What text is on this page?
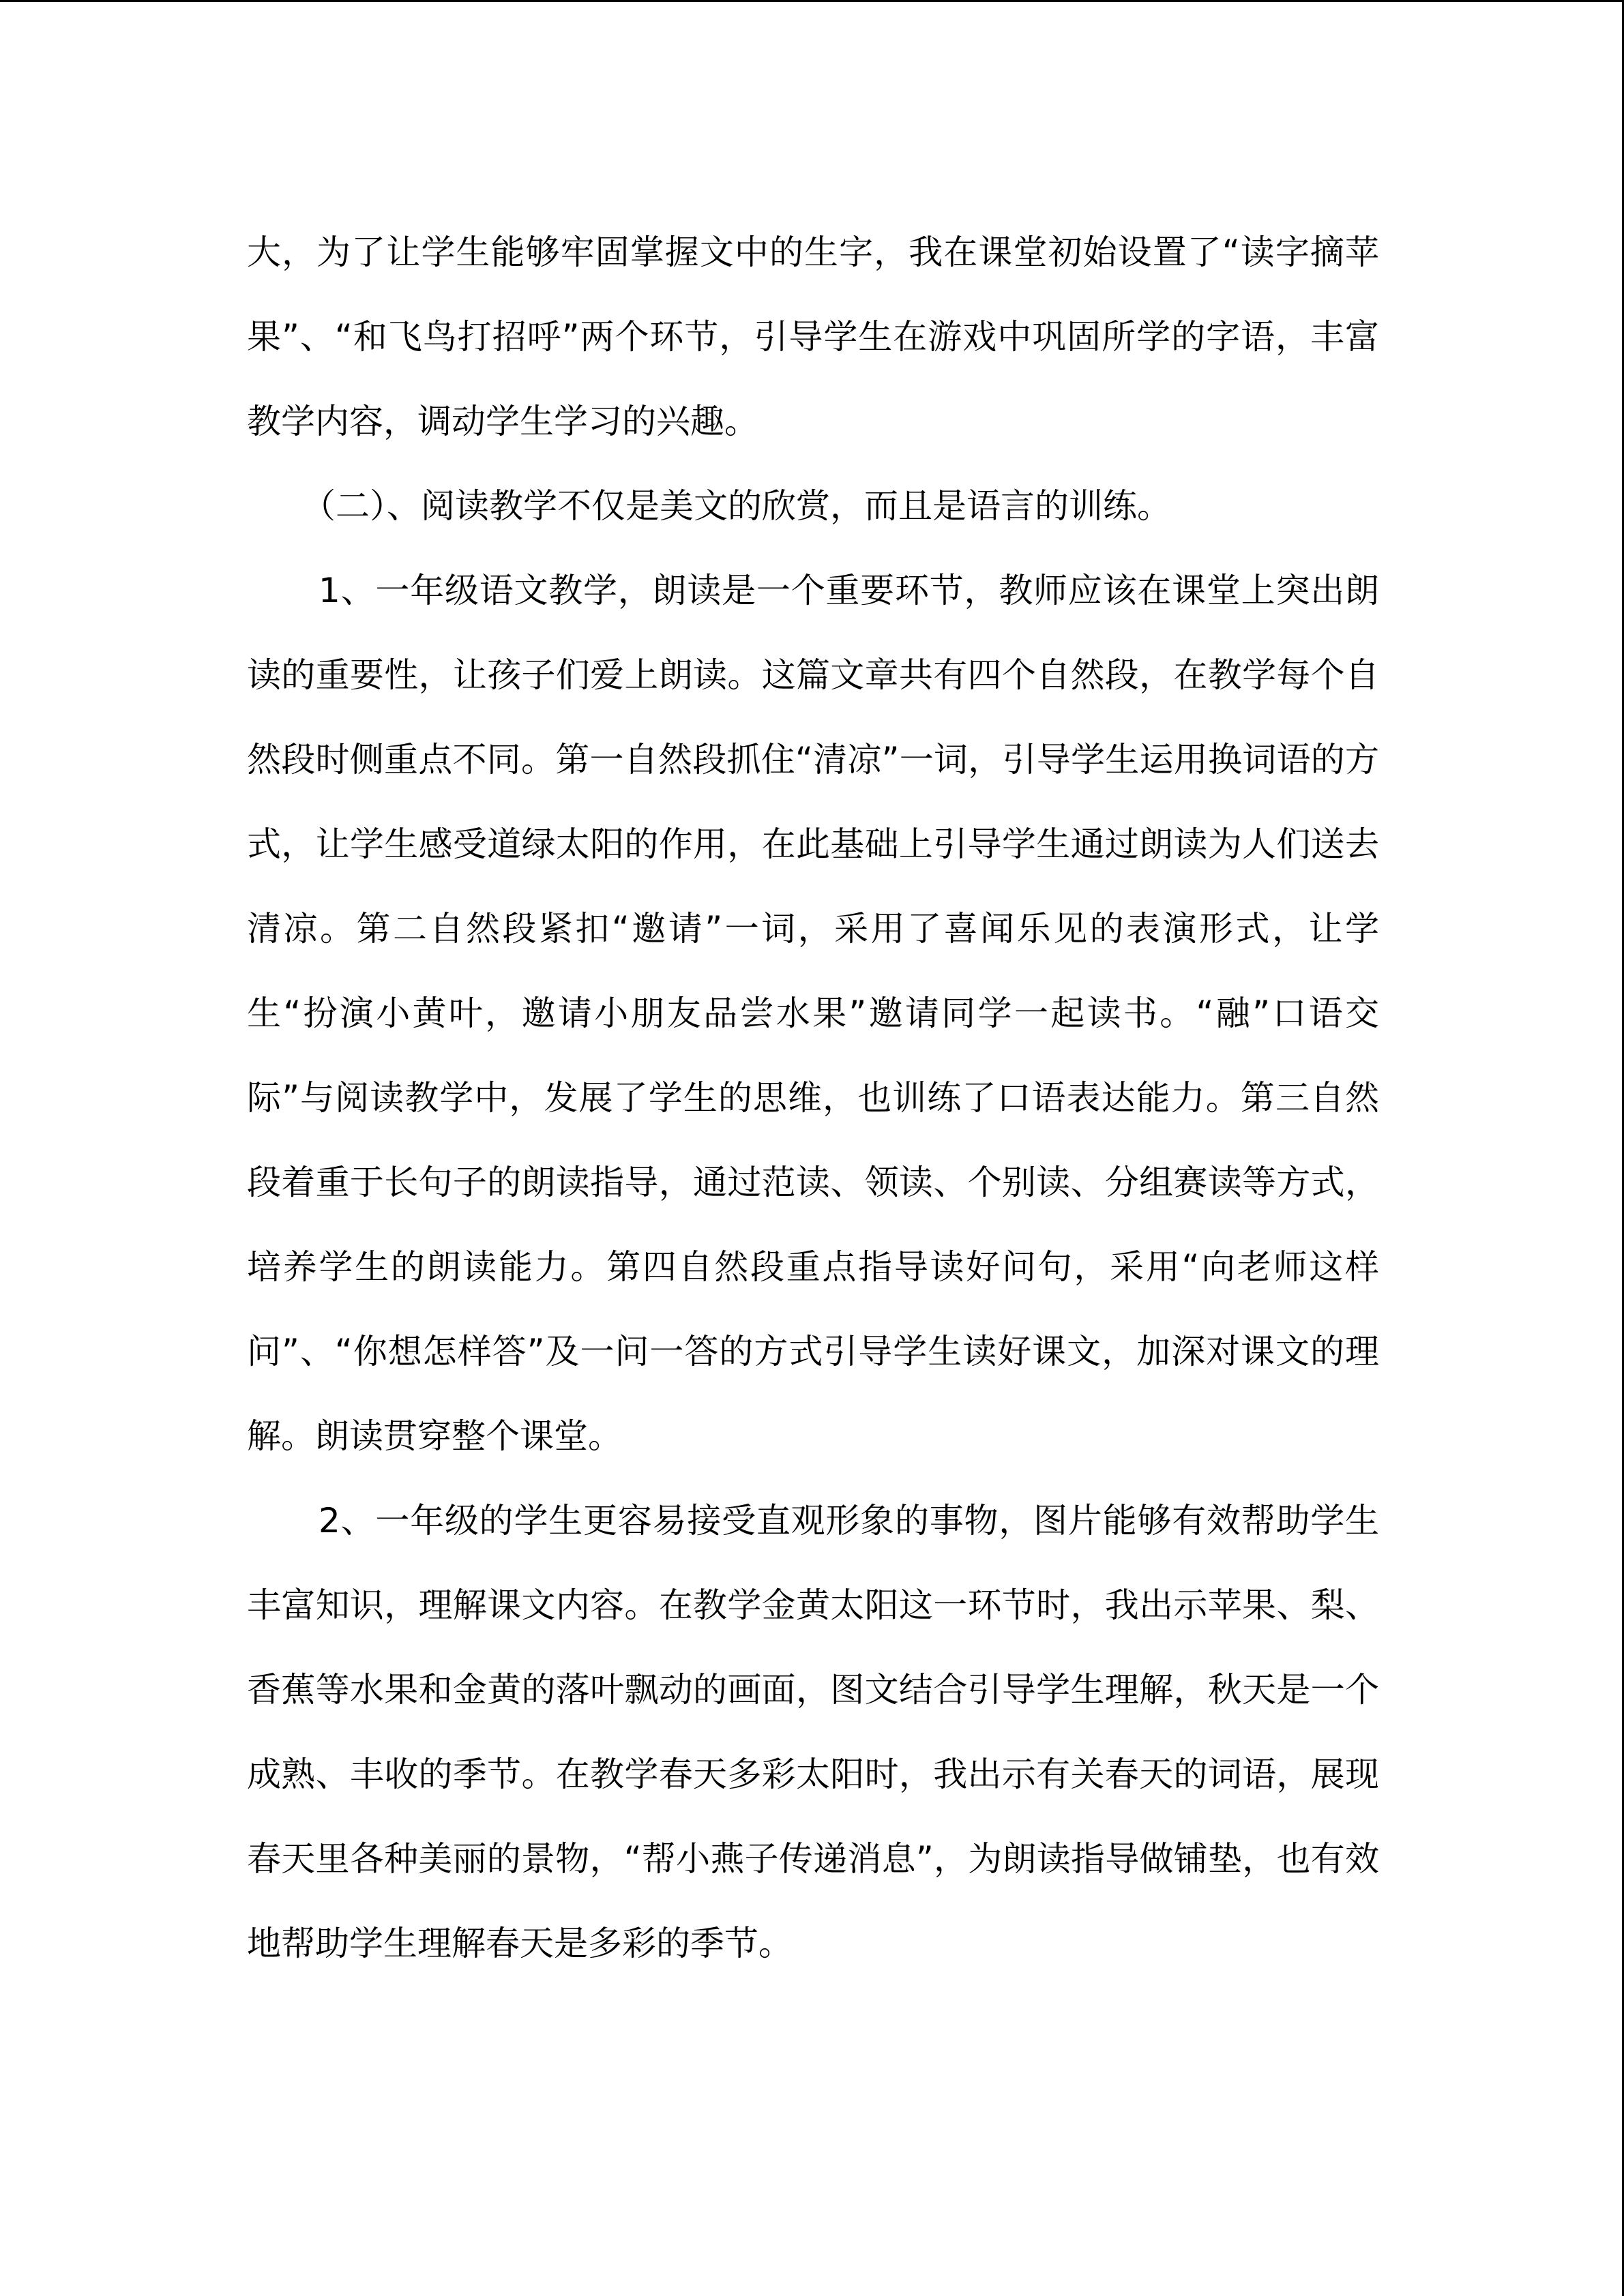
大，为了让学生能够牢固掌握文中的生字，我在课堂初始设置了“读字摘苹果”、“和飞鸟打招呼”两个环节，引导学生在游戏中巩固所学的字语，丰富教学内容，调动学生学习的兴趣。

（二）、阅读教学不仅是美文的欣赏，而且是语言的训练。

1、一年级语文教学，朗读是一个重要环节，教师应该在课堂上突出朗读的重要性，让孩子们爱上朗读。这篇文章共有四个自然段，在教学每个自然段时侧重点不同。第一自然段抓住“清凉”一词，引导学生运用换词语的方式，让学生感受道绿太阳的作用，在此基础上引导学生通过朗读为人们送去清凉。第二自然段紧扣“邀请”一词，采用了喜闻乐见的表演形式，让学生“扮演小黄叶，邀请小朋友品尝水果”邀请同学一起读书。“融”口语交际”与阅读教学中，发展了学生的思维，也训练了口语表达能力。第三自然段着重于长句子的朗读指导，通过范读、领读、个别读、分组赛读等方式，培养学生的朗读能力。第四自然段重点指导读好问句，采用“向老师这样问”、“你想怎样答”及一问一答的方式引导学生读好课文，加深对课文的理解。朗读贯穿整个课堂。

2、一年级的学生更容易接受直观形象的事物，图片能够有效帮助学生丰富知识，理解课文内容。在教学金黄太阳这一环节时，我出示苹果、梨、香蕉等水果和金黄的落叶飘动的画面，图文结合引导学生理解，秋天是一个成熟、丰收的季节。在教学春天多彩太阳时，我出示有关春天的词语，展现春天里各种美丽的景物，“帮小燕子传递消息”，为朗读指导做铺垫，也有效地帮助学生理解春天是多彩的季节。
